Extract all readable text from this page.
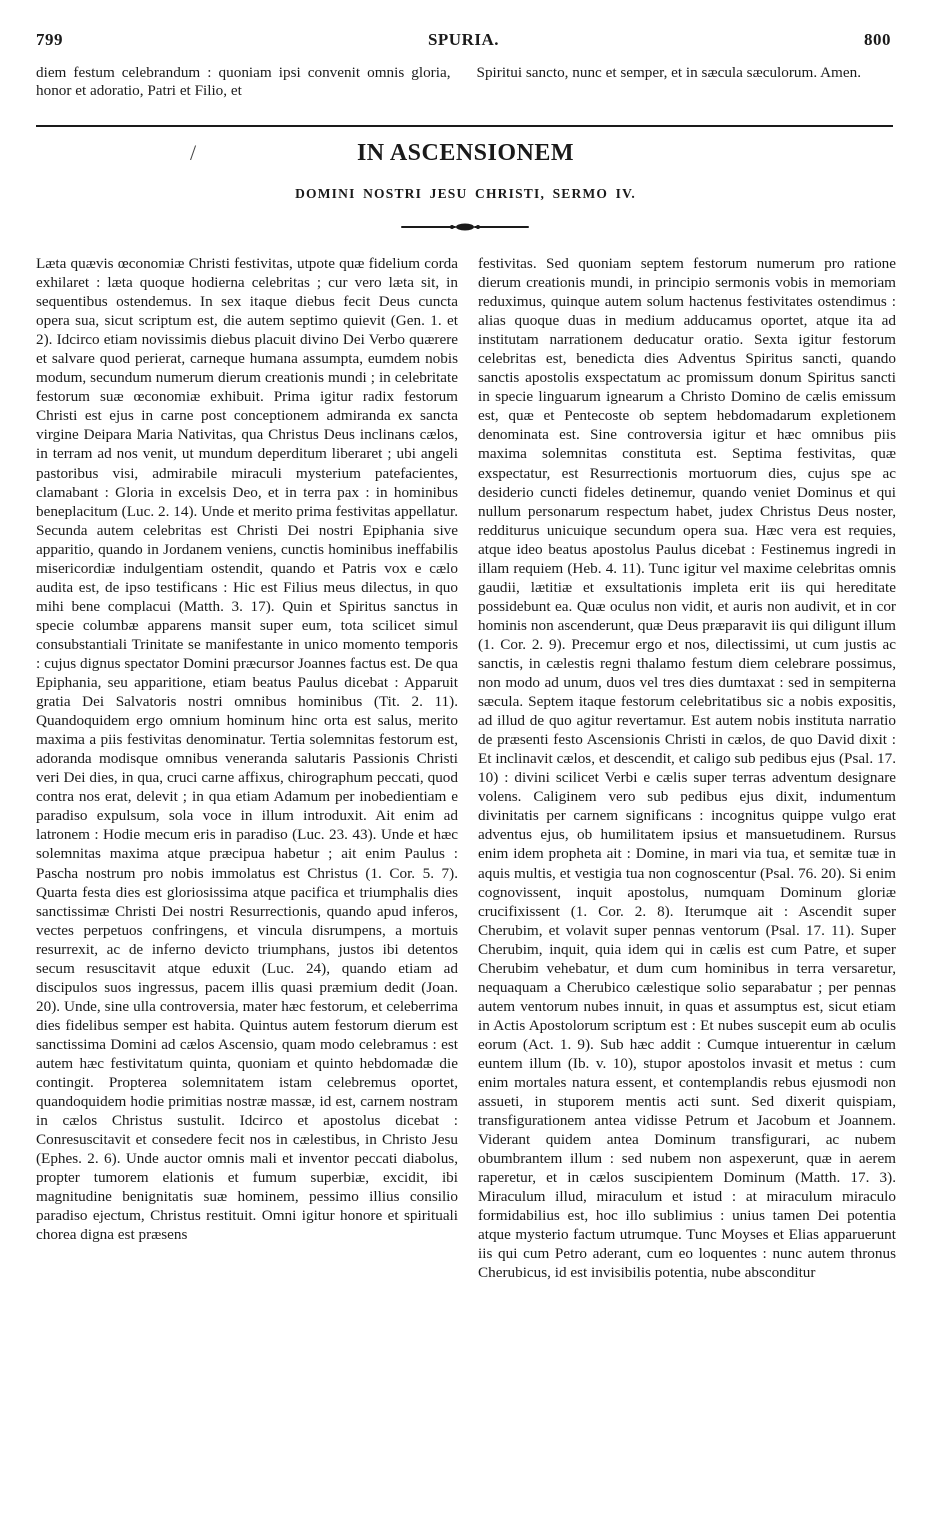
799	SPURIA.	800

diem festum celebrandum : quoniam ipsi convenit omnis gloria, honor et adoratio, Patri et Filio, et

Spiritui sancto, nunc et semper, et in sæcula sæculorum. Amen.

/	IN ASCENSIONEM
DOMINI NOSTRI JESU CHRISTI, SERMO IV.

Læta quævis œconomiæ Christi festivitas, utpote quæ fidelium corda exhilaret : læta quoque hodierna celebritas ; cur vero læta sit, in sequentibus ostendemus. In sex itaque diebus fecit Deus cuncta opera sua, sicut scriptum est, die autem septimo quievit (Gen. 1. et 2). Idcirco etiam novissimis diebus placuit divino Dei Verbo quærere et salvare quod perierat, carneque humana assumpta, eumdem nobis modum, secundum numerum dierum creationis mundi ; in celebritate festorum suæ œconomiæ exhibuit. Prima igitur radix festorum Christi est ejus in carne post conceptionem admiranda ex sancta virgine Deipara Maria Nativitas, qua Christus Deus inclinans cælos, in terram ad nos venit, ut mundum deperditum liberaret ; ubi angeli pastoribus visi, admirabile miraculi mysterium patefacientes, clamabant : Gloria in excelsis Deo, et in terra pax : in hominibus beneplacitum (Luc. 2. 14). Unde et merito prima festivitas appellatur. Secunda autem celebritas est Christi Dei nostri Epiphania sive apparitio, quando in Jordanem veniens, cunctis hominibus ineffabilis misericordiæ indulgentiam ostendit, quando et Patris vox e cælo audita est, de ipso testificans : Hic est Filius meus dilectus, in quo mihi bene complacui (Matth. 3. 17). Quin et Spiritus sanctus in specie columbæ apparens mansit super eum, tota scilicet simul consubstantiali Trinitate se manifestante in unico momento temporis : cujus dignus spectator Domini præcursor Joannes factus est. De qua Epiphania, seu apparitione, etiam beatus Paulus dicebat : Apparuit gratia Dei Salvatoris nostri omnibus hominibus (Tit. 2. 11). Quandoquidem ergo omnium hominum hinc orta est salus, merito maxima a piis festivitas denominatur. Tertia solemnitas festorum est, adoranda modisque omnibus veneranda salutaris Passionis Christi veri Dei dies, in qua, cruci carne affixus, chirographum peccati, quod contra nos erat, delevit ; in qua etiam Adamum per inobedientiam e paradiso expulsum, sola voce in illum introduxit. Ait enim ad latronem : Hodie mecum eris in paradiso (Luc. 23. 43). Unde et hæc solemnitas maxima atque præcipua habetur ; ait enim Paulus : Pascha nostrum pro nobis immolatus est Christus (1. Cor. 5. 7). Quarta festa dies est gloriosissima atque pacifica et triumphalis dies sanctissimæ Christi Dei nostri Resurrectionis, quando apud inferos, vectes perpetuos confringens, et vincula disrumpens, a mortuis resurrexit, ac de inferno devicto triumphans, justos ibi detentos secum resuscitavit atque eduxit (Luc. 24), quando etiam ad discipulos suos ingressus, pacem illis quasi præmium dedit (Joan. 20). Unde, sine ulla controversia, mater hæc festorum, et celeberrima dies fidelibus semper est habita. Quintus autem festorum dierum est sanctissima Domini ad cælos Ascensio, quam modo celebramus : est autem hæc festivitatum quinta, quoniam et quinto hebdomadæ die contingit. Propterea solemnitatem istam celebremus oportet, quandoquidem hodie primitias nostræ massæ, id est, carnem nostram in cælos Christus sustulit. Idcirco et apostolus dicebat : Conresuscitavit et consedere fecit nos in cælestibus, in Christo Jesu (Ephes. 2. 6). Unde auctor omnis mali et inventor peccati diabolus, propter tumorem elationis et fumum superbiæ, excidit, ibi magnitudine benignitatis suæ hominem, pessimo illius consilio paradiso ejectum, Christus restituit. Omni igitur honore et spirituali chorea digna est præsens

festivitas. Sed quoniam septem festorum numerum pro ratione dierum creationis mundi, in principio sermonis vobis in memoriam reduximus, quinque autem solum hactenus festivitates ostendimus : alias quoque duas in medium adducamus oportet, atque ita ad institutam narrationem deducatur oratio. Sexta igitur festorum celebritas est, benedicta dies Adventus Spiritus sancti, quando sanctis apostolis exspectatum ac promissum donum Spiritus sancti in specie linguarum ignearum a Christo Domino de cælis emissum est, quæ et Pentecoste ob septem hebdomadarum expletionem denominata est. Sine controversia igitur et hæc omnibus piis maxima solemnitas constituta est. Septima festivitas, quæ exspectatur, est Resurrectionis mortuorum dies, cujus spe ac desiderio cuncti fideles detinemur, quando veniet Dominus et qui nullum personarum respectum habet, judex Christus Deus noster, redditurus unicuique secundum opera sua. Hæc vera est requies, atque ideo beatus apostolus Paulus dicebat : Festinemus ingredi in illam requiem (Heb. 4. 11). Tunc igitur vel maxime celebritas omnis gaudii, lætitiæ et exsultationis impleta erit iis qui hereditate possidebunt ea. Quæ oculus non vidit, et auris non audivit, et in cor hominis non ascenderunt, quæ Deus præparavit iis qui diligunt illum (1. Cor. 2. 9). Precemur ergo et nos, dilectissimi, ut cum justis ac sanctis, in cælestis regni thalamo festum diem celebrare possimus, non modo ad unum, duos vel tres dies dumtaxat : sed in sempiterna sæcula. Septem itaque festorum celebritatibus sic a nobis expositis, ad illud de quo agitur revertamur. Est autem nobis instituta narratio de præsenti festo Ascensionis Christi in cælos, de quo David dixit : Et inclinavit cælos, et descendit, et caligo sub pedibus ejus (Psal. 17. 10) : divini scilicet Verbi e cælis super terras adventum designare volens. Caliginem vero sub pedibus ejus dixit, indumentum divinitatis per carnem significans : incognitus quippe vulgo erat adventus ejus, ob humilitatem ipsius et mansuetudinem. Rursus enim idem propheta ait : Domine, in mari via tua, et semitæ tuæ in aquis multis, et vestigia tua non cognoscentur (Psal. 76. 20). Si enim cognovissent, inquit apostolus, numquam Dominum gloriæ crucifixissent (1. Cor. 2. 8). Iterumque ait : Ascendit super Cherubim, et volavit super pennas ventorum (Psal. 17. 11). Super Cherubim, inquit, quia idem qui in cælis est cum Patre, et super Cherubim vehebatur, et dum cum hominibus in terra versaretur, nequaquam a Cherubico cælestique solio separabatur ; per pennas autem ventorum nubes innuit, in quas et assumptus est, sicut etiam in Actis Apostolorum scriptum est : Et nubes suscepit eum ab oculis eorum (Act. 1. 9). Sub hæc addit : Cumque intuerentur in cælum euntem illum (Ib. v. 10), stupor apostolos invasit et metus : cum enim mortales natura essent, et contemplandis rebus ejusmodi non assueti, in stuporem mentis acti sunt. Sed dixerit quispiam, transfigurationem antea vidisse Petrum et Jacobum et Joannem. Viderant quidem antea Dominum transfigurari, ac nubem obumbrantem illum : sed nubem non aspexerunt, quæ in aerem raperetur, et in cælos suscipientem Dominum (Matth. 17. 3). Miraculum illud, miraculum et istud : at miraculum miraculo formidabilius est, hoc illo sublimius : unius tamen Dei potentia atque mysterio factum utrumque. Tunc Moyses et Elias apparuerunt iis qui cum Petro aderant, cum eo loquentes : nunc autem thronus Cherubicus, id est invisibilis potentia, nube absconditur
